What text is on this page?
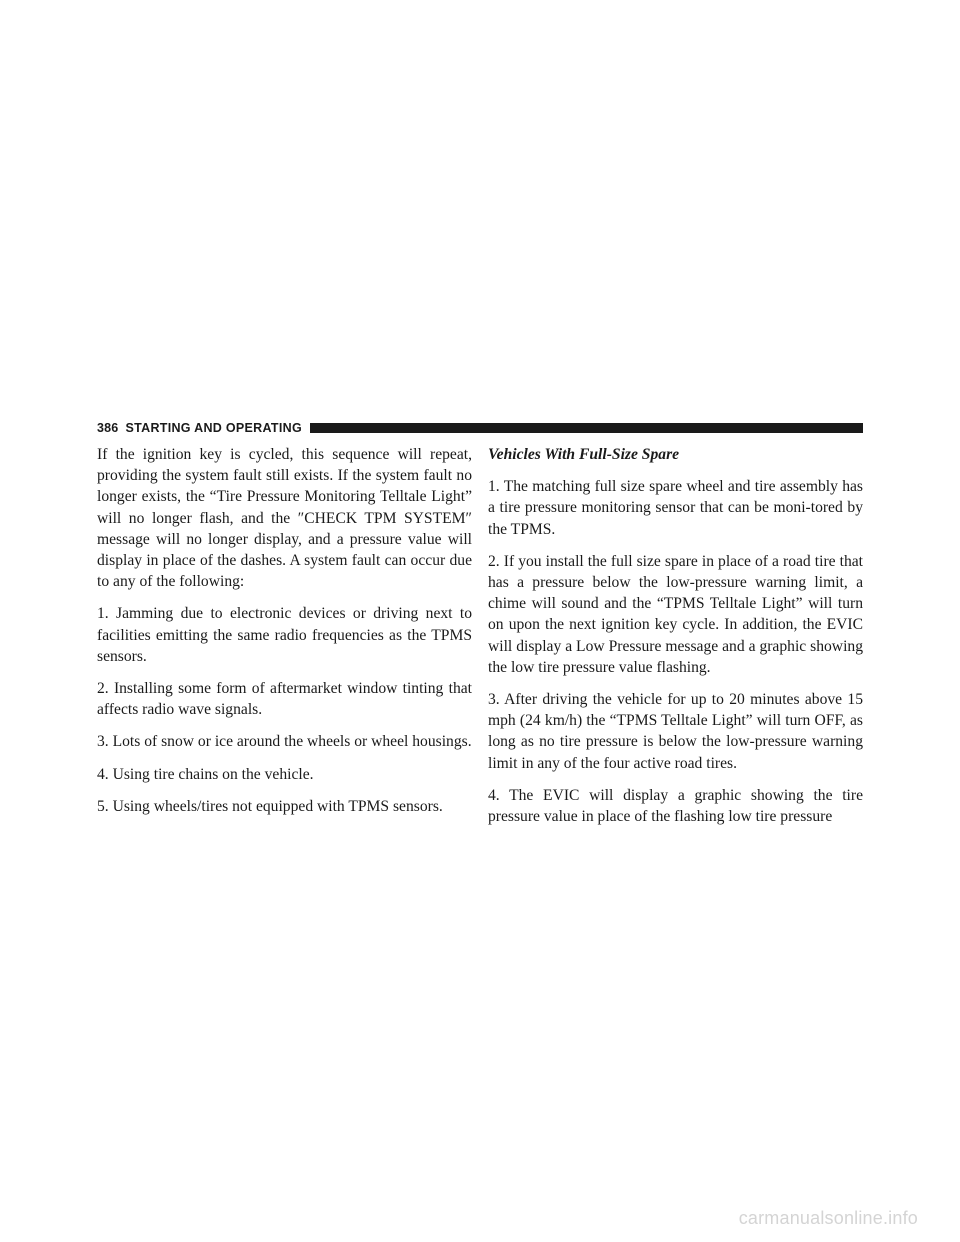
386 STARTING AND OPERATING

If the ignition key is cycled, this sequence will repeat, providing the system fault still exists. If the system fault no longer exists, the “Tire Pressure Monitoring Telltale Light” will no longer flash, and the ″CHECK TPM SYSTEM″ message will no longer display, and a pressure value will display in place of the dashes. A system fault can occur due to any of the following:

1. Jamming due to electronic devices or driving next to facilities emitting the same radio frequencies as the TPMS sensors.

2. Installing some form of aftermarket window tinting that affects radio wave signals.

3. Lots of snow or ice around the wheels or wheel housings.

4. Using tire chains on the vehicle.

5. Using wheels/tires not equipped with TPMS sensors.

Vehicles With Full-Size Spare

1. The matching full size spare wheel and tire assembly has a tire pressure monitoring sensor that can be moni-tored by the TPMS.

2. If you install the full size spare in place of a road tire that has a pressure below the low-pressure warning limit, a chime will sound and the “TPMS Telltale Light” will turn on upon the next ignition key cycle. In addition, the EVIC will display a Low Pressure message and a graphic showing the low tire pressure value flashing.

3. After driving the vehicle for up to 20 minutes above 15 mph (24 km/h) the “TPMS Telltale Light” will turn OFF, as long as no tire pressure is below the low-pressure warning limit in any of the four active road tires.

4. The EVIC will display a graphic showing the tire pressure value in place of the flashing low tire pressure

carmanualsonline.info
